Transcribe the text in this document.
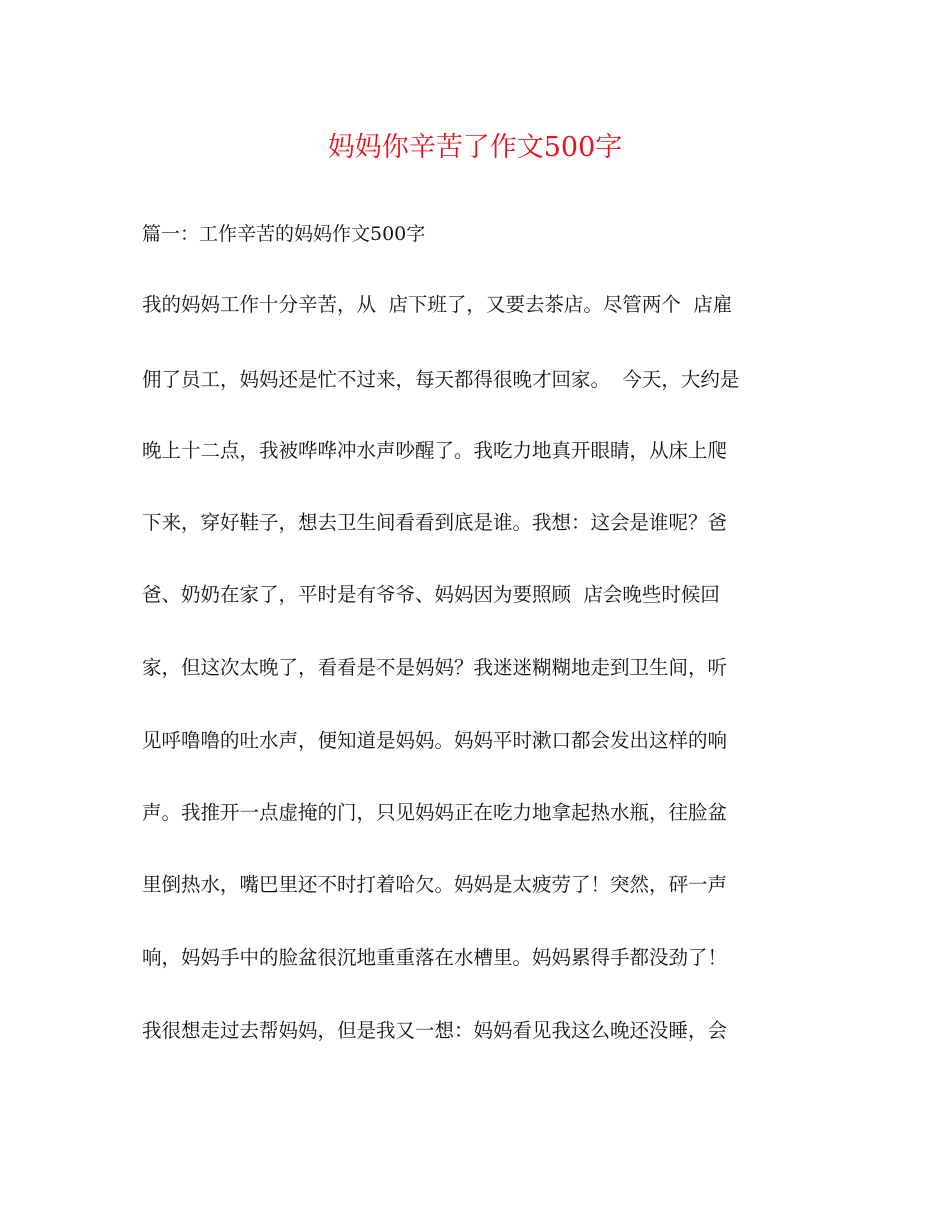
妈妈你辛苦了作文500字
篇一：工作辛苦的妈妈作文500字
我的妈妈工作十分辛苦，从  店下班了，又要去茶店。尽管两个  店雇
佣了员工，妈妈还是忙不过来，每天都得很晚才回家。  今天，大约是
晚上十二点，我被哗哗冲水声吵醒了。我吃力地真开眼睛，从床上爬
下来，穿好鞋子，想去卫生间看看到底是谁。我想：这会是谁呢？爸
爸、奶奶在家了，平时是有爷爷、妈妈因为要照顾  店会晚些时候回
家，但这次太晚了，看看是不是妈妈？我迷迷糊糊地走到卫生间，听
见呼噜噜的吐水声，便知道是妈妈。妈妈平时漱口都会发出这样的响
声。我推开一点虚掩的门，只见妈妈正在吃力地拿起热水瓶，往脸盆
里倒热水，嘴巴里还不时打着哈欠。妈妈是太疲劳了！突然，砰一声
响，妈妈手中的脸盆很沉地重重落在水槽里。妈妈累得手都没劲了！
我很想走过去帮妈妈，但是我又一想：妈妈看见我这么晚还没睡，会
